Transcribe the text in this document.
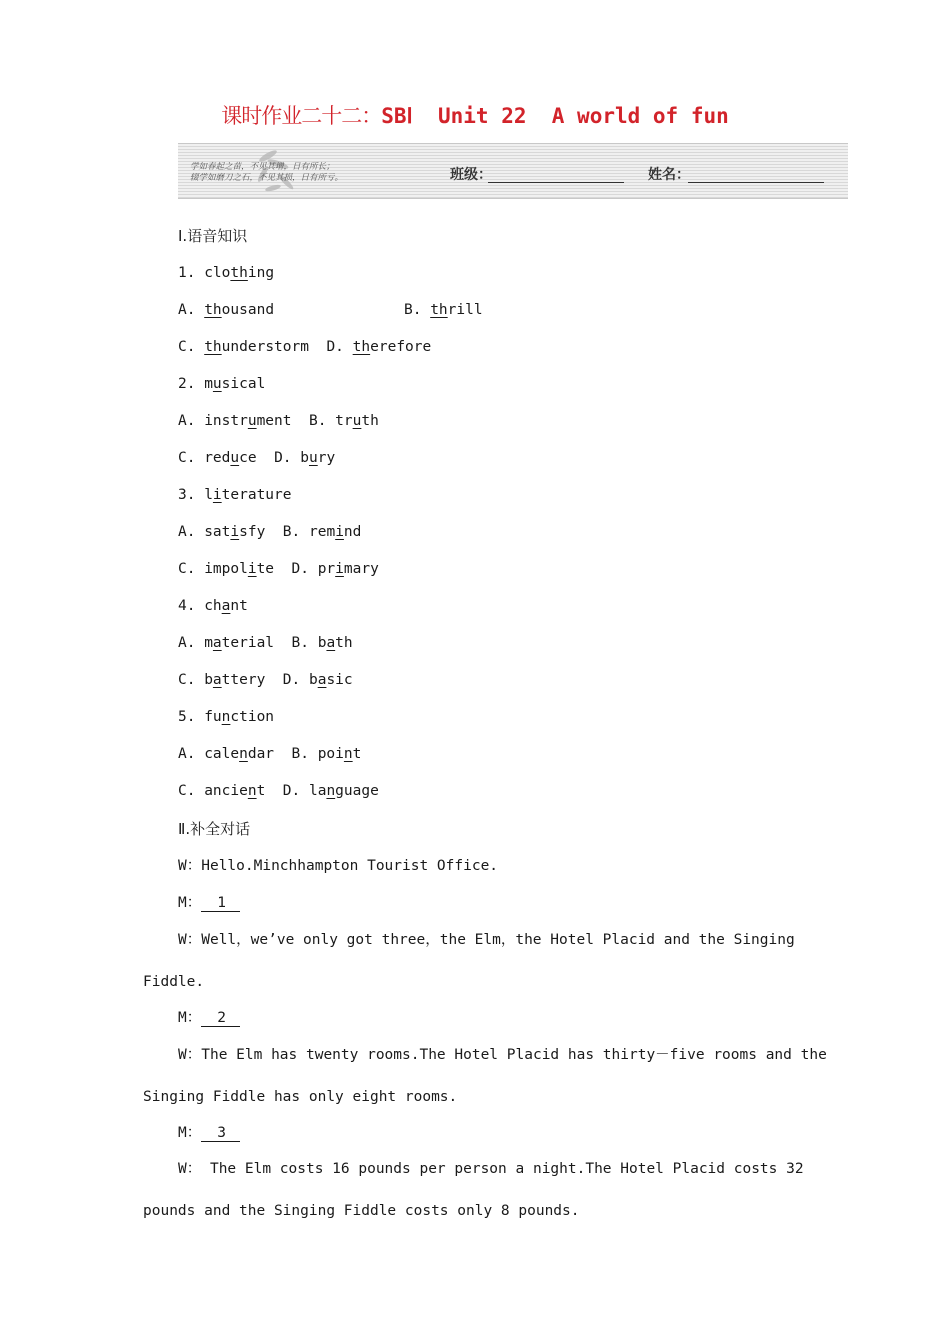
课时作业二十二：SBⅠ  Unit 22  A world of fun
学如春起之苗，不见其增，日有所长；
辍学如磨刀之石，不见其损，日有所亏。	班级：	姓名：
Ⅰ.语音知识
1. clothing
A. thousand	B. thrill
C. thunderstorm D. therefore
2. musical
A. instrument B. truth
C. reduce D. bury
3. literature
A. satisfy B. remind
C. impolite D. primary
4. chant
A. material B. bath
C. battery D. basic
5. function
A. calendar B. point
C. ancient D. language
Ⅱ.补全对话
W：Hello.Minchhampton Tourist Office.
M： 1
W：Well，we’ve only got three，the Elm，the Hotel Placid and the Singing
Fiddle.
M： 2
W：The Elm has twenty rooms.The Hotel Placid has thirty－five rooms and the
Singing Fiddle has only eight rooms.
M： 3
W： The Elm costs 16 pounds per person a night.The Hotel Placid costs 32
pounds and the Singing Fiddle costs only 8 pounds.
